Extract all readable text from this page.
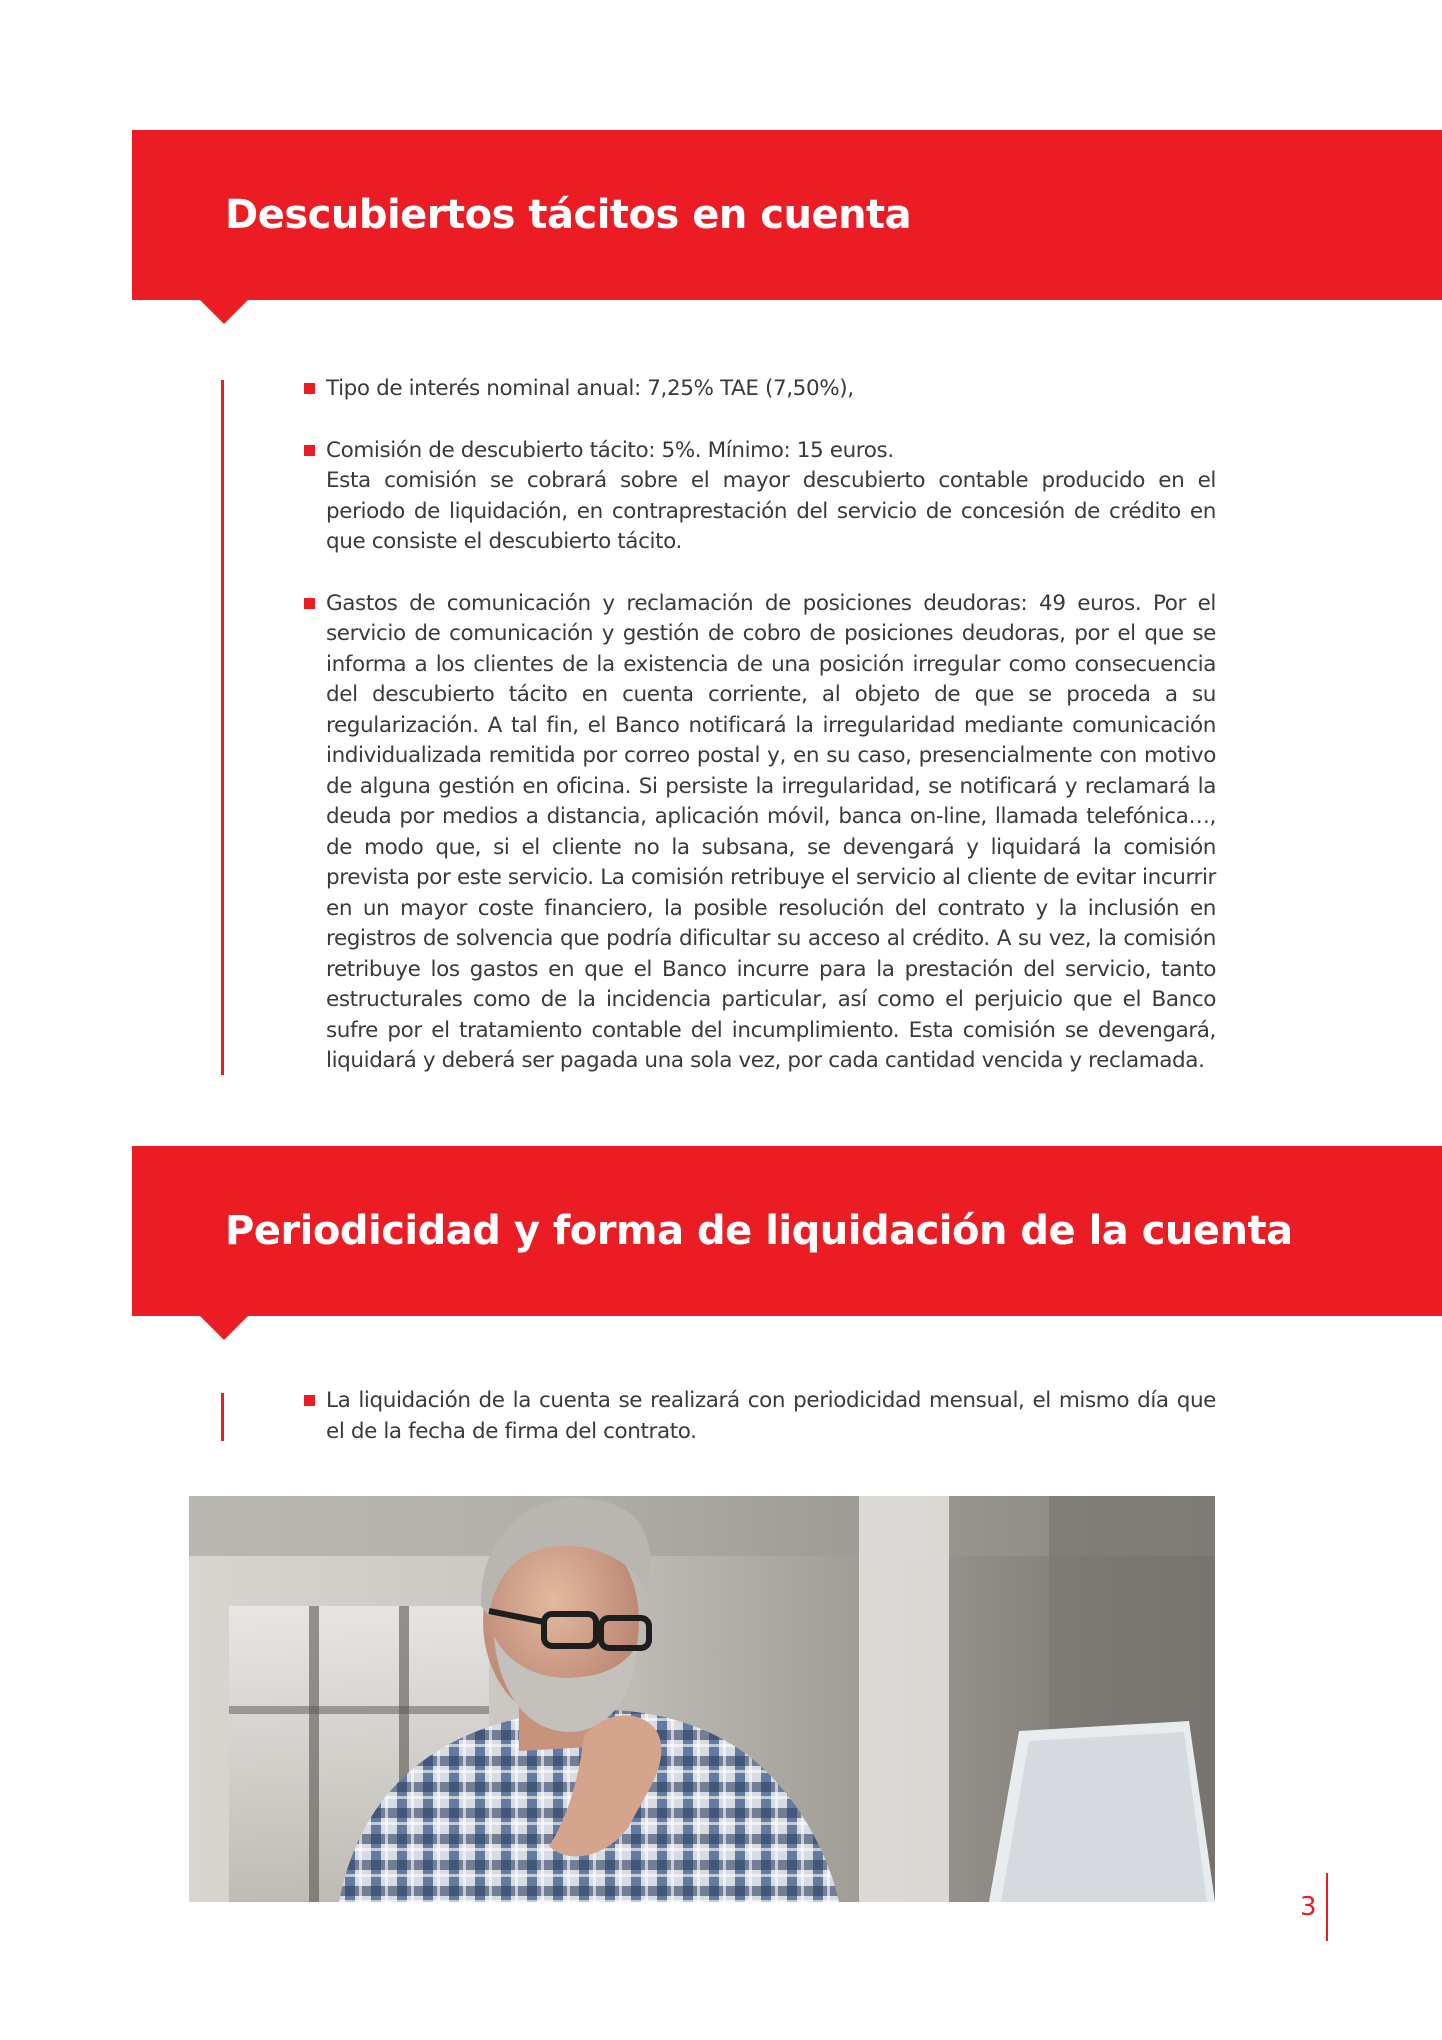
Descubiertos tácitos en cuenta

Tipo de interés nominal anual: 7,25% TAE (7,50%),

Comisión de descubierto tácito: 5%. Mínimo: 15 euros.

Esta comisión se cobrará sobre el mayor descubierto contable producido en el periodo de liquidación, en contraprestación del servicio de concesión de crédito en que consiste el descubierto tácito.

Gastos de comunicación y reclamación de posiciones deudoras: 49 euros. Por el servicio de comunicación y gestión de cobro de posiciones deudoras, por el que se informa a los clientes de la existencia de una posición irregular como consecuencia del descubierto tácito en cuenta corriente, al objeto de que se proceda a su regularización. A tal fin, el Banco notificará la irregularidad mediante comunicación individualizada remitida por correo postal y, en su caso, presencialmente con motivo de alguna gestión en oficina. Si persiste la irregularidad, se notificará y reclamará la deuda por medios a distancia, aplicación móvil, banca on-line, llamada telefónica…, de modo que, si el cliente no la subsana, se devengará y liquidará la comisión prevista por este servicio. La comisión retribuye el servicio al cliente de evitar incurrir en un mayor coste financiero, la posible resolución del contrato y la inclusión en registros de solvencia que podría dificultar su acceso al crédito. A su vez, la comisión retribuye los gastos en que el Banco incurre para la prestación del servicio, tanto estructurales como de la incidencia particular, así como el perjuicio que el Banco sufre por el tratamiento contable del incumplimiento. Esta comisión se devengará, liquidará y deberá ser pagada una sola vez, por cada cantidad vencida y reclamada.

Periodicidad y forma de liquidación de la cuenta

La liquidación de la cuenta se realizará con periodicidad mensual, el mismo día que el de la fecha de firma del contrato.

3
